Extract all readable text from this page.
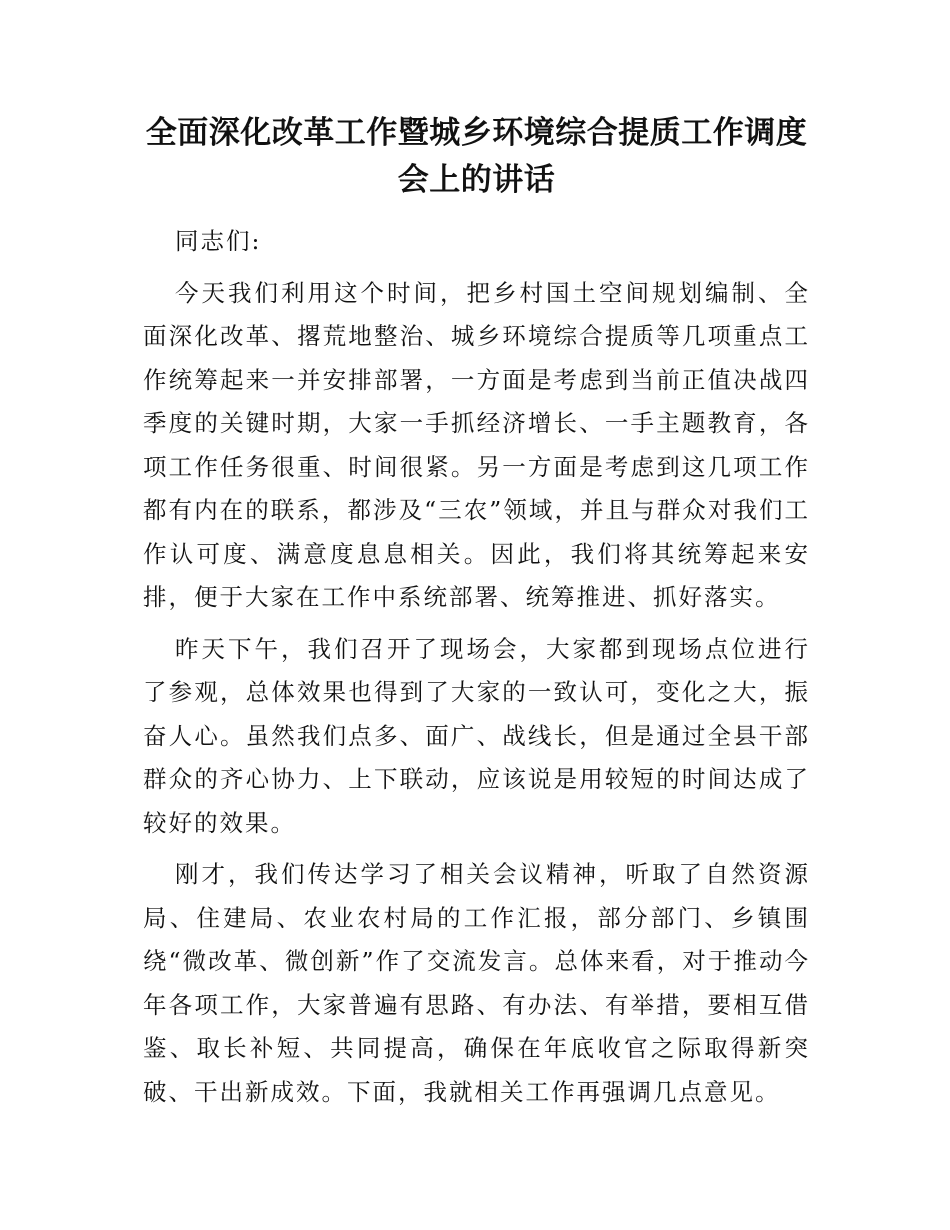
全面深化改革工作暨城乡环境综合提质工作调度会上的讲话

同志们:

今天我们利用这个时间，把乡村国土空间规划编制、全面深化改革、撂荒地整治、城乡环境综合提质等几项重点工作统筹起来一并安排部署，一方面是考虑到当前正值决战四季度的关键时期，大家一手抓经济增长、一手主题教育，各项工作任务很重、时间很紧。另一方面是考虑到这几项工作都有内在的联系，都涉及“三农”领域，并且与群众对我们工作认可度、满意度息息相关。因此，我们将其统筹起来安排，便于大家在工作中系统部署、统筹推进、抓好落实。

昨天下午，我们召开了现场会，大家都到现场点位进行了参观，总体效果也得到了大家的一致认可，变化之大，振奋人心。虽然我们点多、面广、战线长，但是通过全县干部群众的齐心协力、上下联动，应该说是用较短的时间达成了较好的效果。

刚才，我们传达学习了相关会议精神，听取了自然资源局、住建局、农业农村局的工作汇报，部分部门、乡镇围绕“微改革、微创新”作了交流发言。总体来看，对于推动今年各项工作，大家普遍有思路、有办法、有举措，要相互借鉴、取长补短、共同提高，确保在年底收官之际取得新突破、干出新成效。下面，我就相关工作再强调几点意见。
